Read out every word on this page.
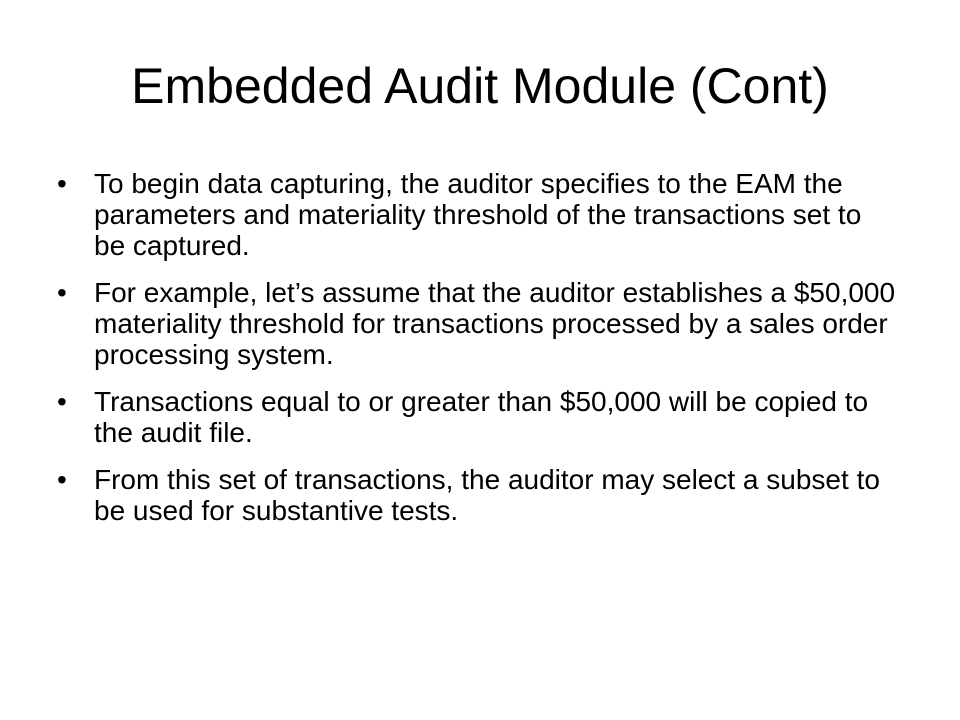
Embedded Audit Module (Cont)
• To begin data capturing, the auditor specifies to the EAM the parameters and materiality threshold of the transactions set to be captured.
• For example, let’s assume that the auditor establishes a $50,000 materiality threshold for transactions processed by a sales order processing system.
• Transactions equal to or greater than $50,000 will be copied to the audit file.
• From this set of transactions, the auditor may select a subset to be used for substantive tests.
